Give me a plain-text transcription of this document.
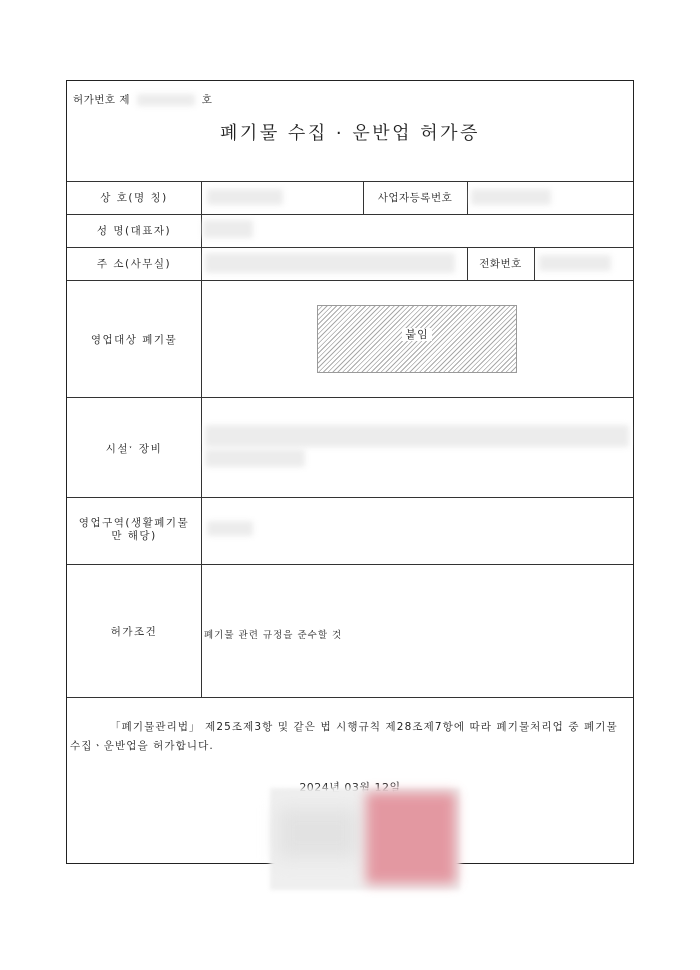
허가번호 제	호
폐기물 수집 · 운반업 허가증
상 호(명 칭)	사업자등록번호
성 명(대표자)
주 소(사무실)	전화번호
영업대상 폐기물	붙임
시설ˑ 장비
영업구역(생활폐기물 만 해당)
허가조건	폐기물 관련 규정을 준수할 것
「폐기물관리법」 제25조제3항 및 같은 법 시행규칙 제28조제7항에 따라 폐기물처리업 중 폐기물수집ㆍ운반업을 허가합니다.
